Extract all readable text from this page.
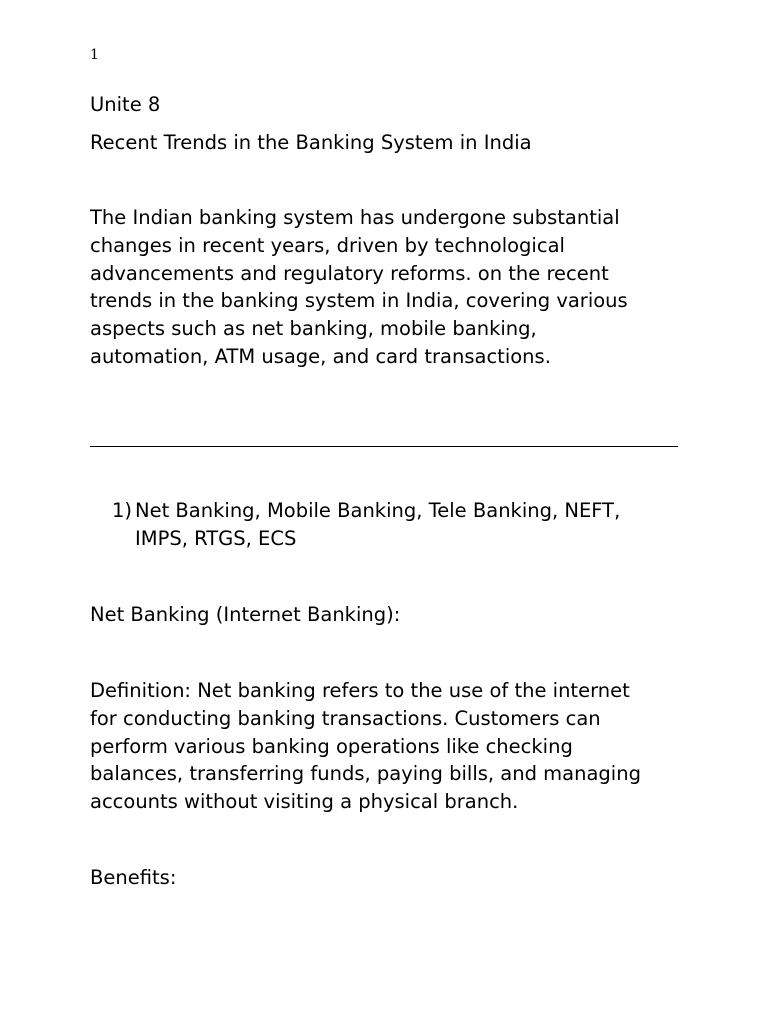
1
Unite 8
Recent Trends in the Banking System in India
The Indian banking system has undergone substantial
changes in recent years, driven by technological
advancements and regulatory reforms. on the recent
trends in the banking system in India, covering various
aspects such as net banking, mobile banking,
automation, ATM usage, and card transactions.
1) Net Banking, Mobile Banking, Tele Banking, NEFT,
IMPS, RTGS, ECS
Net Banking (Internet Banking):
Definition: Net banking refers to the use of the internet
for conducting banking transactions. Customers can
perform various banking operations like checking
balances, transferring funds, paying bills, and managing
accounts without visiting a physical branch.
Benefits:
